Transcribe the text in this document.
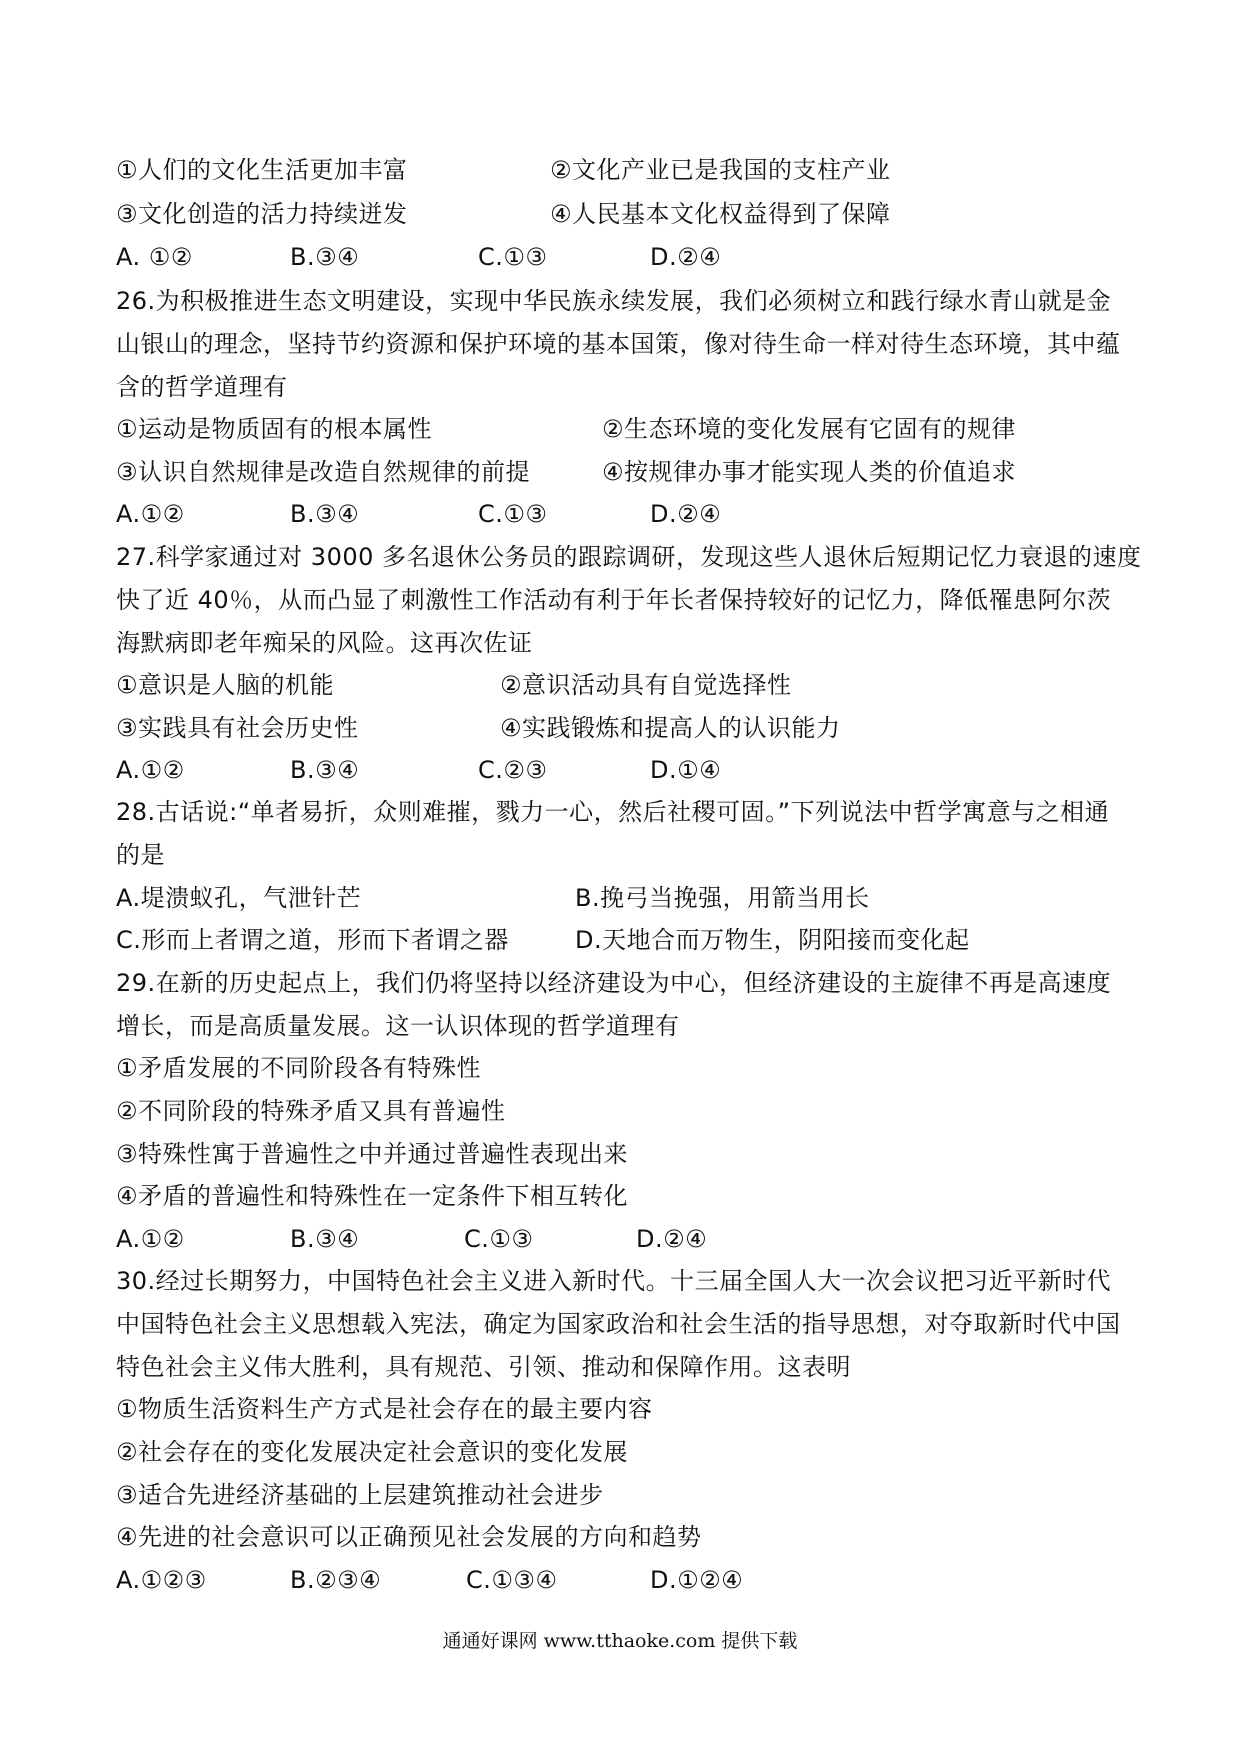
①人们的文化生活更加丰富	②文化产业已是我国的支柱产业
③文化创造的活力持续迸发	④人民基本文化权益得到了保障
A. ①②	B.③④	C.①③	D.②④
26.为积极推进生态文明建设，实现中华民族永续发展，我们必须树立和践行绿水青山就是金
山银山的理念，坚持节约资源和保护环境的基本国策，像对待生命一样对待生态环境，其中蕴
含的哲学道理有
①运动是物质固有的根本属性	②生态环境的变化发展有它固有的规律
③认识自然规律是改造自然规律的前提	④按规律办事才能实现人类的价值追求
A.①②	B.③④	C.①③	D.②④
27.科学家通过对 3000 多名退休公务员的跟踪调研，发现这些人退休后短期记忆力衰退的速度
快了近 40％，从而凸显了刺激性工作活动有利于年长者保持较好的记忆力，降低罹患阿尔茨
海默病即老年痴呆的风险。这再次佐证
①意识是人脑的机能	②意识活动具有自觉选择性
③实践具有社会历史性	④实践锻炼和提高人的认识能力
A.①②	B.③④	C.②③	D.①④
28.古话说:“单者易折，众则难摧，戮力一心，然后社稷可固。”下列说法中哲学寓意与之相通
的是
A.堤溃蚁孔，气泄针芒	B.挽弓当挽强，用箭当用长
C.形而上者谓之道，形而下者谓之器	D.天地合而万物生，阴阳接而变化起
29.在新的历史起点上，我们仍将坚持以经济建设为中心，但经济建设的主旋律不再是高速度
增长，而是高质量发展。这一认识体现的哲学道理有
①矛盾发展的不同阶段各有特殊性
②不同阶段的特殊矛盾又具有普遍性
③特殊性寓于普遍性之中并通过普遍性表现出来
④矛盾的普遍性和特殊性在一定条件下相互转化
A.①②	B.③④	C.①③	D.②④
30.经过长期努力，中国特色社会主义进入新时代。十三届全国人大一次会议把习近平新时代
中国特色社会主义思想载入宪法，确定为国家政治和社会生活的指导思想，对夺取新时代中国
特色社会主义伟大胜利，具有规范、引领、推动和保障作用。这表明
①物质生活资料生产方式是社会存在的最主要内容
②社会存在的变化发展决定社会意识的变化发展
③适合先进经济基础的上层建筑推动社会进步
④先进的社会意识可以正确预见社会发展的方向和趋势
A.①②③	B.②③④	C.①③④	D.①②④
通通好课网 www.tthaoke.com 提供下载
